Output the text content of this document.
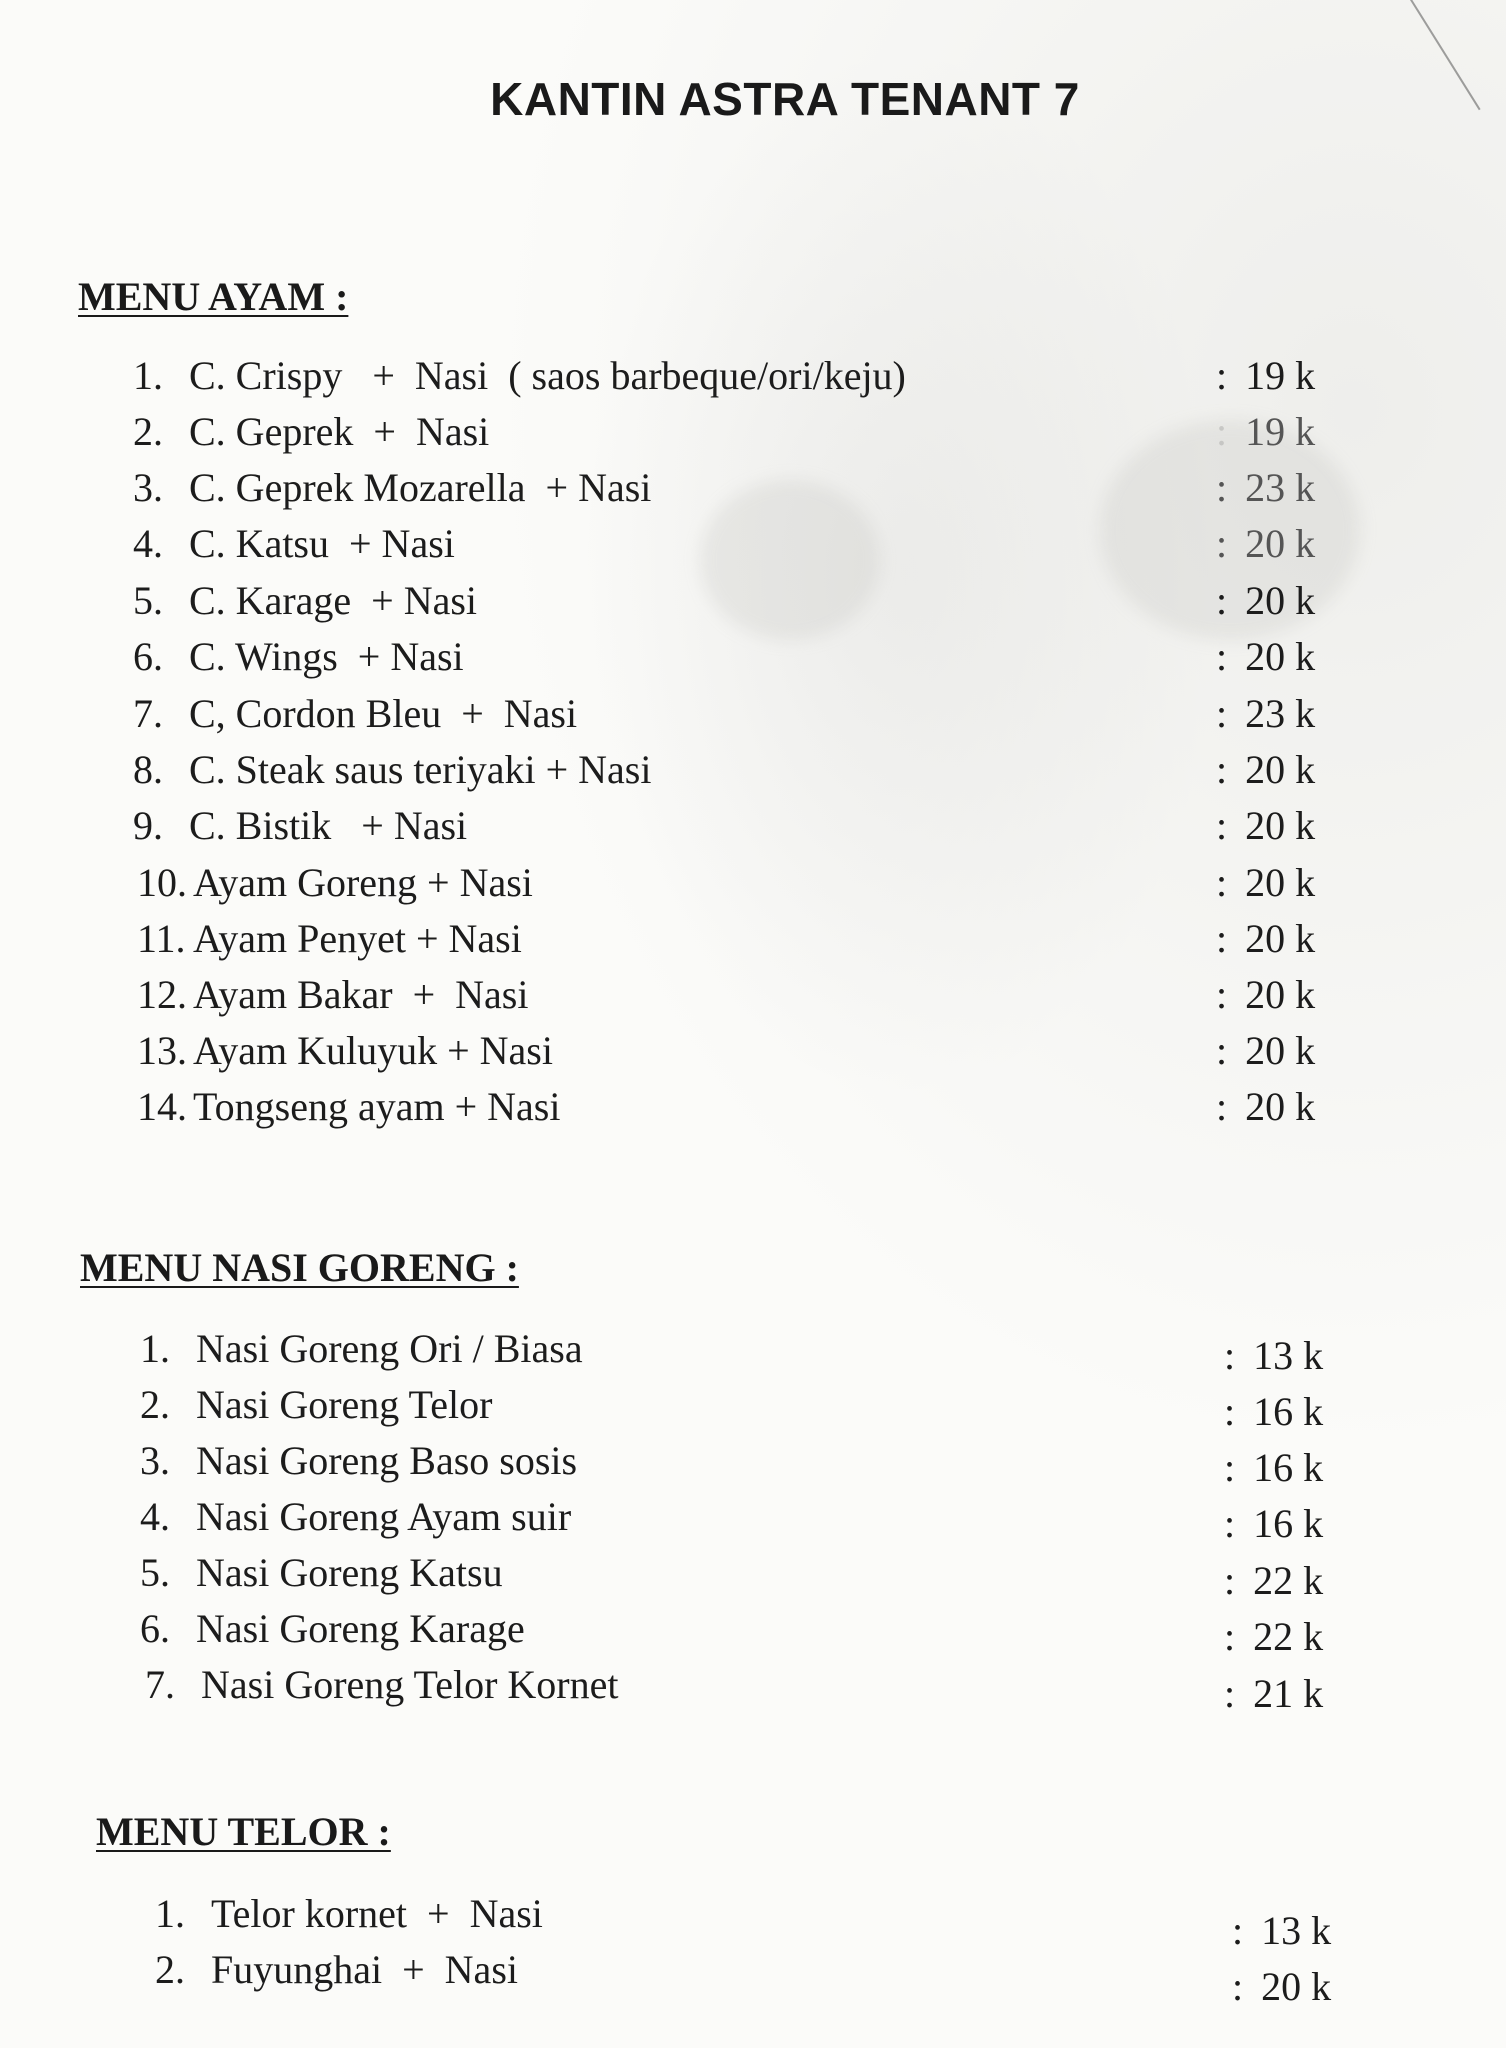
KANTIN ASTRA TENANT 7
MENU AYAM :
1. C. Crispy   +  Nasi  ( saos barbeque/ori/keju)	: 19 k
2. C. Geprek  +  Nasi	: 19 k
3. C. Geprek Mozarella  + Nasi	: 23 k
4. C. Katsu  + Nasi	: 20 k
5. C. Karage  + Nasi	: 20 k
6. C. Wings  + Nasi	: 20 k
7. C, Cordon Bleu  +  Nasi	: 23 k
8. C. Steak saus teriyaki + Nasi	: 20 k
9. C. Bistik   + Nasi	: 20 k
10. Ayam Goreng + Nasi	: 20 k
11. Ayam Penyet + Nasi	: 20 k
12. Ayam Bakar  +  Nasi	: 20 k
13. Ayam Kuluyuk + Nasi	: 20 k
14. Tongseng ayam + Nasi	: 20 k
MENU NASI GORENG :
1. Nasi Goreng Ori / Biasa	: 13 k
2. Nasi Goreng Telor	: 16 k
3. Nasi Goreng Baso sosis	: 16 k
4. Nasi Goreng Ayam suir	: 16 k
5. Nasi Goreng Katsu	: 22 k
6. Nasi Goreng Karage	: 22 k
7. Nasi Goreng Telor Kornet	: 21 k
MENU TELOR :
1. Telor kornet  +  Nasi	: 13 k
2. Fuyunghai  +  Nasi	: 20 k
